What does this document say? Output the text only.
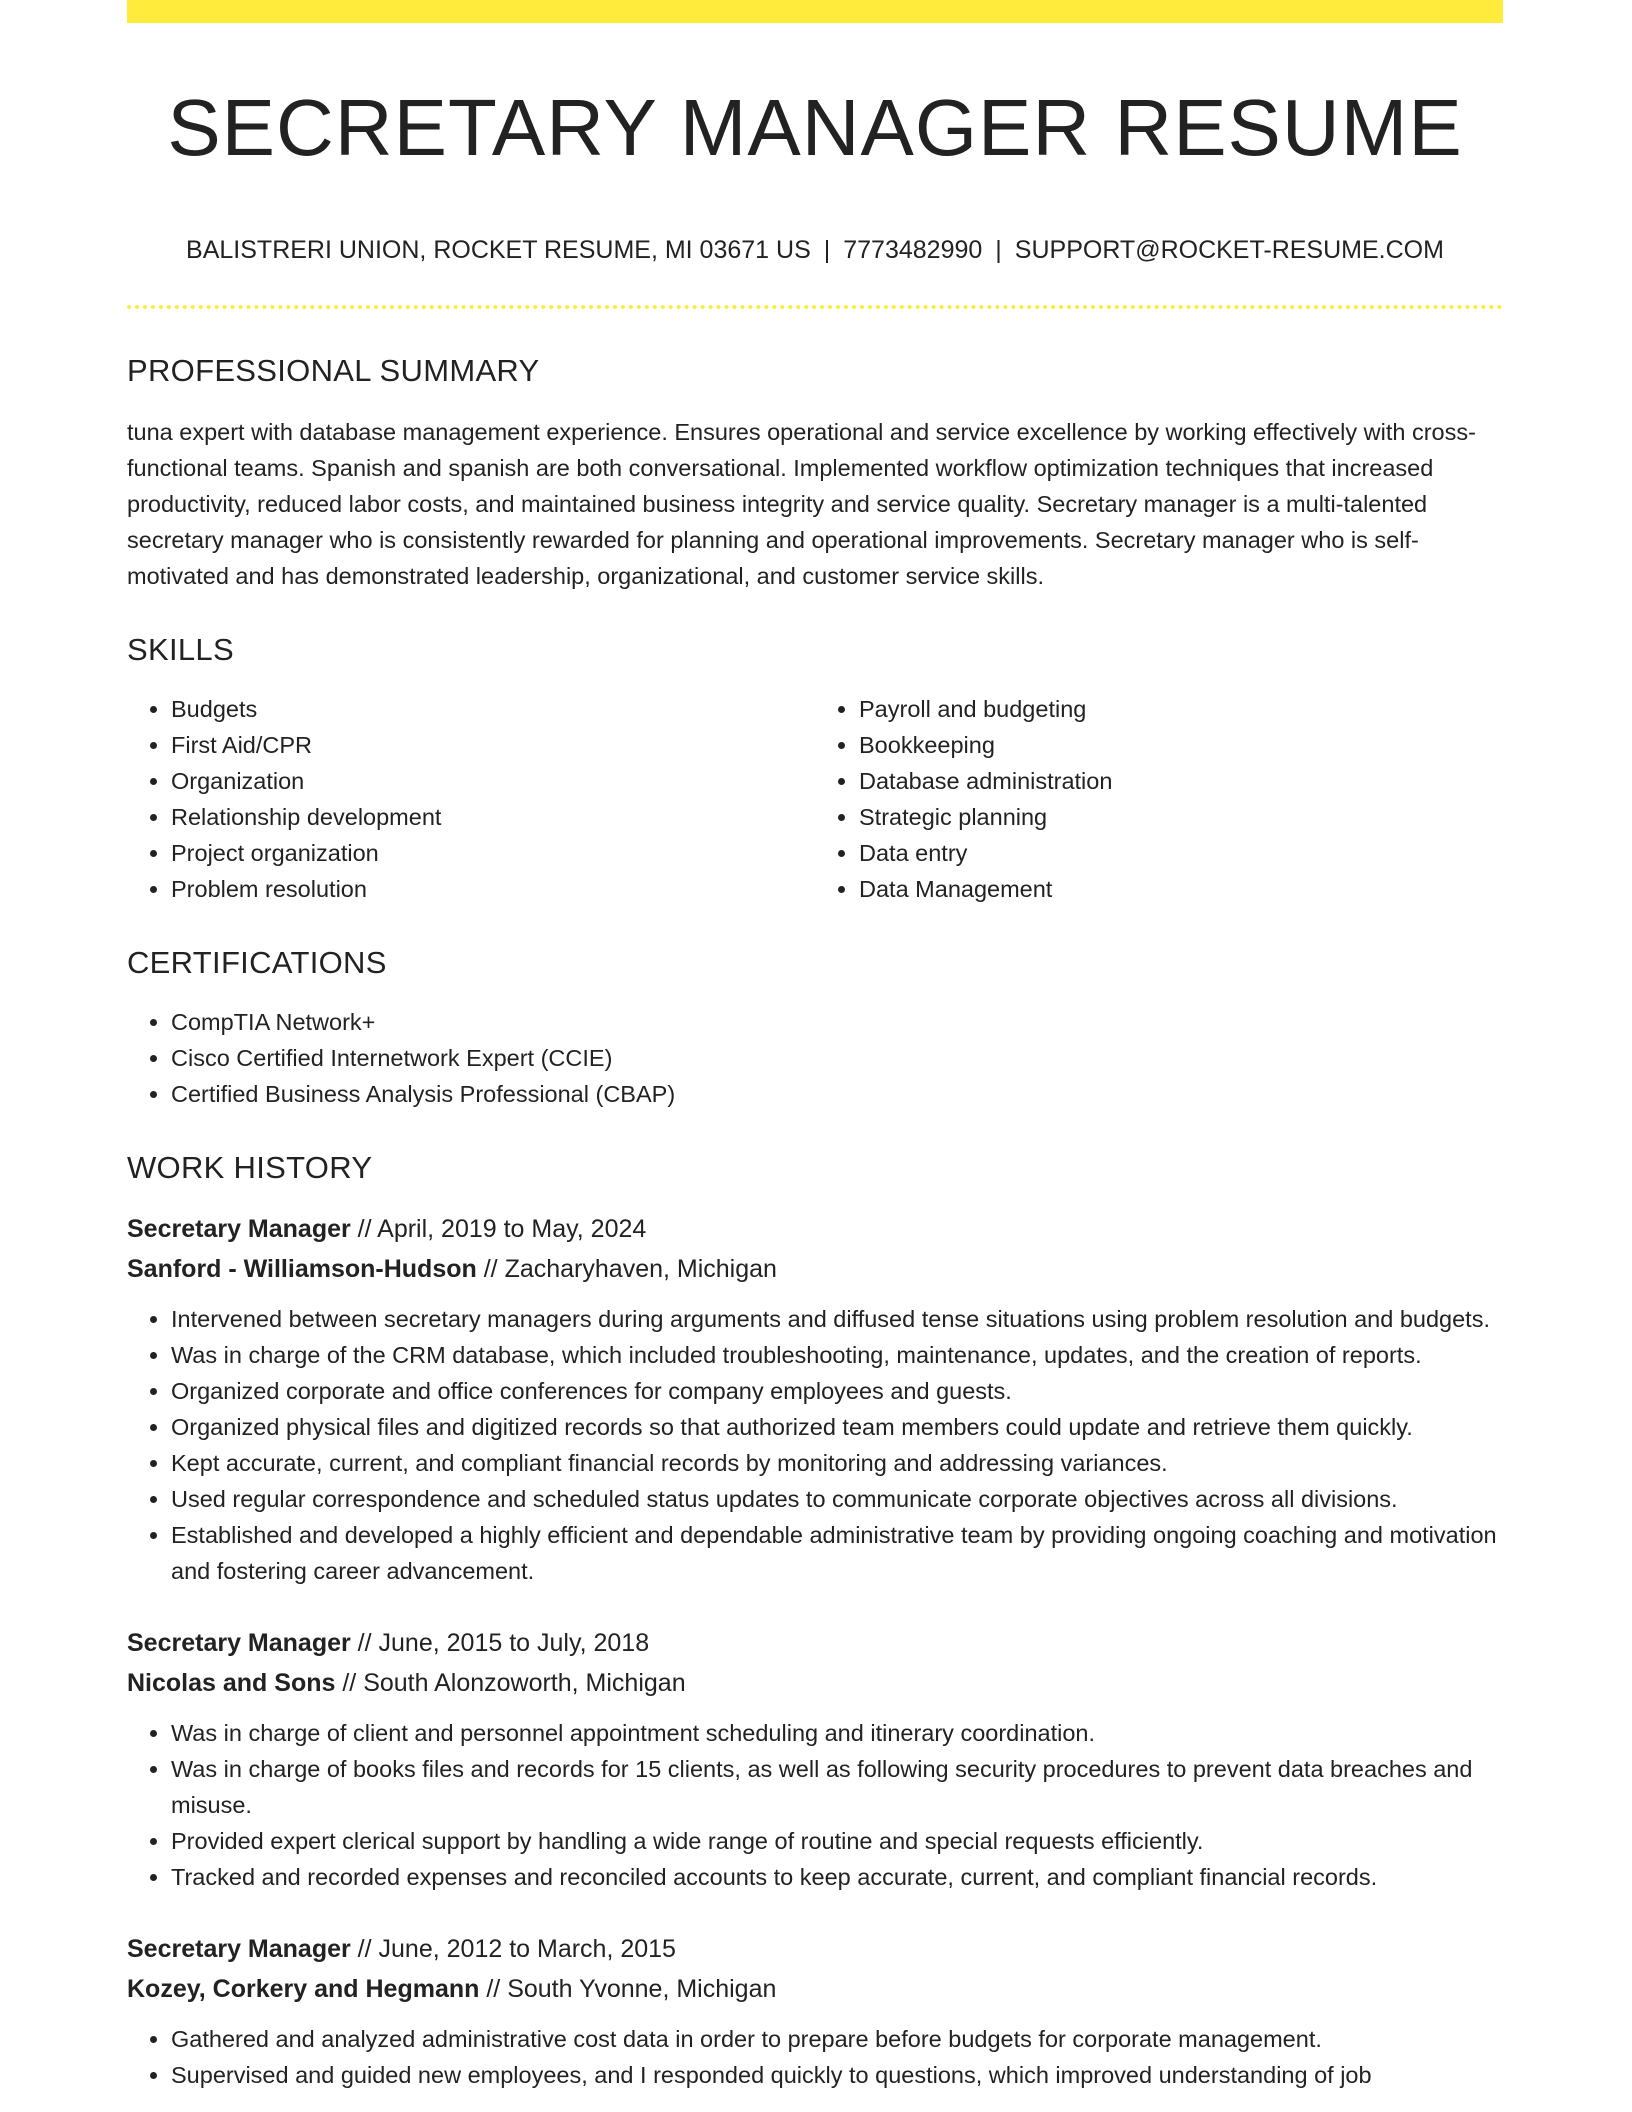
SECRETARY MANAGER RESUME
BALISTRERI UNION, ROCKET RESUME, MI 03671 US | 7773482990 | SUPPORT@ROCKET-RESUME.COM
PROFESSIONAL SUMMARY

tuna expert with database management experience. Ensures operational and service excellence by working effectively with cross-functional teams. Spanish and spanish are both conversational. Implemented workflow optimization techniques that increased productivity, reduced labor costs, and maintained business integrity and service quality. Secretary manager is a multi-talented secretary manager who is consistently rewarded for planning and operational improvements. Secretary manager who is self-motivated and has demonstrated leadership, organizational, and customer service skills.

SKILLS
• Budgets
• First Aid/CPR
• Organization
• Relationship development
• Project organization
• Problem resolution
• Payroll and budgeting
• Bookkeeping
• Database administration
• Strategic planning
• Data entry
• Data Management
CERTIFICATIONS
• CompTIA Network+
• Cisco Certified Internetwork Expert (CCIE)
• Certified Business Analysis Professional (CBAP)
WORK HISTORY

Secretary Manager // April, 2019 to May, 2024

Sanford - Williamson-Hudson // Zacharyhaven, Michigan

• Intervened between secretary managers during arguments and diffused tense situations using problem resolution and budgets.
• Was in charge of the CRM database, which included troubleshooting, maintenance, updates, and the creation of reports.
• Organized corporate and office conferences for company employees and guests.
• Organized physical files and digitized records so that authorized team members could update and retrieve them quickly.
• Kept accurate, current, and compliant financial records by monitoring and addressing variances.
• Used regular correspondence and scheduled status updates to communicate corporate objectives across all divisions.
• Established and developed a highly efficient and dependable administrative team by providing ongoing coaching and motivation and fostering career advancement.

Secretary Manager // June, 2015 to July, 2018

Nicolas and Sons // South Alonzoworth, Michigan

• Was in charge of client and personnel appointment scheduling and itinerary coordination.
• Was in charge of books files and records for 15 clients, as well as following security procedures to prevent data breaches and misuse.
• Provided expert clerical support by handling a wide range of routine and special requests efficiently.
• Tracked and recorded expenses and reconciled accounts to keep accurate, current, and compliant financial records.

Secretary Manager // June, 2012 to March, 2015

Kozey, Corkery and Hegmann // South Yvonne, Michigan

• Gathered and analyzed administrative cost data in order to prepare before budgets for corporate management.
• Supervised and guided new employees, and I responded quickly to questions, which improved understanding of job
